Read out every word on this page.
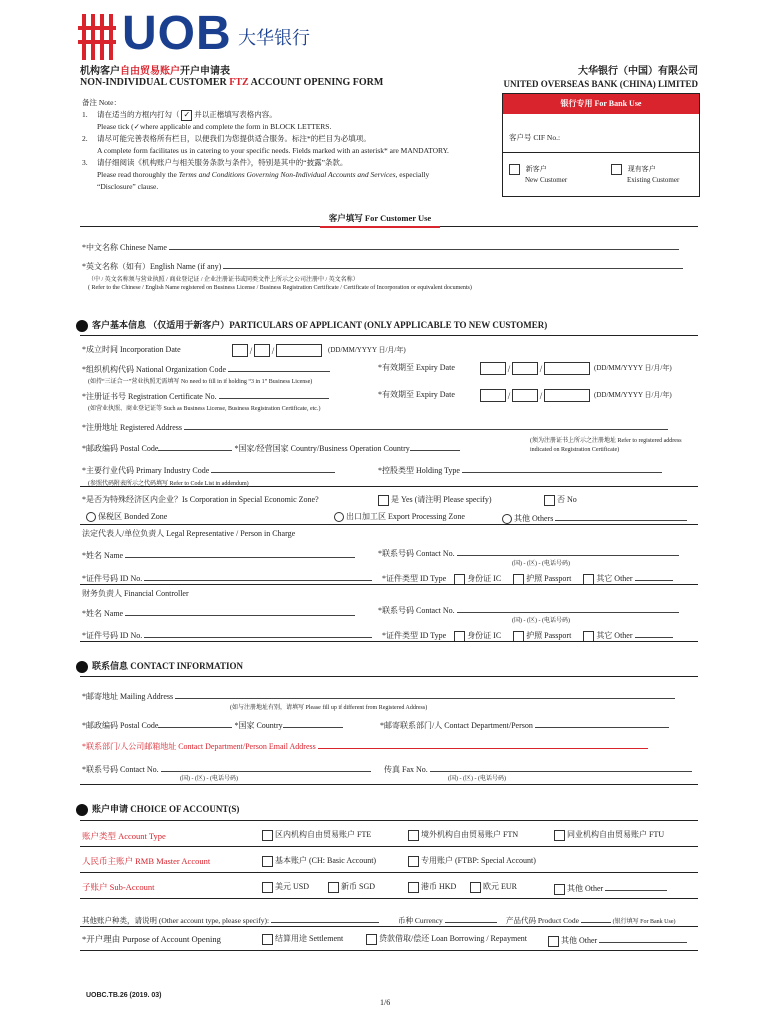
UOB 大华银行
机构客户自由贸易账户开户申请表
NON-INDIVIDUAL CUSTOMER FTZ ACCOUNT OPENING FORM
大华银行（中国）有限公司
UNITED OVERSEAS BANK (CHINA) LIMITED
备注 Note：
1. 请在适当的方框内打勾（ ✓ 并以正楷填写表格内容。
Please tick (✓where applicable and complete the form in BLOCK LETTERS.
2. 请尽可能完善表格所有栏目，以便我们为您提供适合服务。标注*的栏目为必填项。
A complete form facilitates us in catering to your specific needs. Fields marked with an asterisk* are MANDATORY.
3. 请仔细阅读《机构账户与相关服务条款与条件》，特别是其中的“披露”条款。
Please read thoroughly the Terms and Conditions Governing Non-Individual Accounts and Services, especially
“Disclosure” clause.
银行专用 For Bank Use
客户号 CIF No.:
新客户
New Customer
现有客户
Existing Customer
客户填写 For Customer Use
*中文名称 Chinese Name
*英文名称（如有）English Name (if any)
（中 / 英文名称须与营业执照 / 商业登记证 / 企业注册证书或同类文件上所示之公司注册中 / 英文名称）
( Refer to the Chinese / English Name registered on Business License / Business Registration Certificate / Certificate of Incorporation or equivalent documents)
客户基本信息 （仅适用于新客户）PARTICULARS OF APPLICANT (ONLY APPLICABLE TO NEW CUSTOMER)
*成立时间 Incorporation Date	/ /	(DD/MM/YYYY 日/月/年)
*组织机构代码 National Organization Code
(如持“三证合一”营业执照无需填写 No need to fill in if holding “3 in 1” Business License)
*有效期至 Expiry Date	/	/	(DD/MM/YYYY 日/月/年)
*注册证书号 Registration Certificate No.
(如营业执照、商业登记证等 Such as Business License, Business Registration Certificate, etc.)
*有效期至 Expiry Date	/	/	(DD/MM/YYYY 日/月/年)
*注册地址 Registered Address
*邮政编码 Postal Code	*国家/经营国家 Country/Business Operation Country
(须为注册证书上所示之注册地址 Refer to registered address indicated on Registration Certificate)
*主要行业代码 Primary Industry Code
(参照代码附表所示之代码填写 Refer to Code List in addendum)
*控股类型 Holding Type
*是否为特殊经济区内企业？Is Corporation in Special Economic Zone?	是 Yes (请注明 Please specify)	否 No
保税区 Bonded Zone	出口加工区 Export Processing Zone	其他 Others
法定代表人/单位负责人 Legal Representative / Person in Charge
*姓名 Name	*联系号码 Contact No.
(国) - (区) - (电话号码)
*证件号码 ID No.	*证件类型 ID Type	身份证 IC	护照 Passport	其它 Other
财务负责人 Financial Controller
*姓名 Name	*联系号码 Contact No.
(国) - (区) - (电话号码)
*证件号码 ID No.	*证件类型 ID Type	身份证 IC	护照 Passport	其它 Other
联系信息 CONTACT INFORMATION
*邮寄地址 Mailing Address
(如与注册地址有别，请填写 Please fill up if different from Registered Address)
*邮政编码 Postal Code	*国家 Country	*邮寄联系部门/人 Contact Department/Person
*联系部门/人公司邮箱地址 Contact Department/Person Email Address
*联系号码 Contact No.
(国) - (区) - (电话号码)
传真 Fax No.
(国) - (区) - (电话号码)
账户申请 CHOICE OF ACCOUNT(S)
账户类型 Account Type	区内机构自由贸易账户 FTE	境外机构自由贸易账户 FTN	同业机构自由贸易账户 FTU
人民币主账户 RMB Master Account	基本账户 (CH: Basic Account)	专用账户 (FTBP: Special Account)
子账户 Sub-Account	美元 USD	新币 SGD	港币 HKD	欧元 EUR	其他 Other
其他账户种类，请说明 (Other account type, please specify):	币种 Currency	产品代码 Product Code	(银行填写 For Bank Use)
*开户理由 Purpose of Account Opening	结算用途 Settlement	贷款借取/偿还 Loan Borrowing / Repayment	其他 Other
UOBC.TB.26 (2019. 03)
1/6
